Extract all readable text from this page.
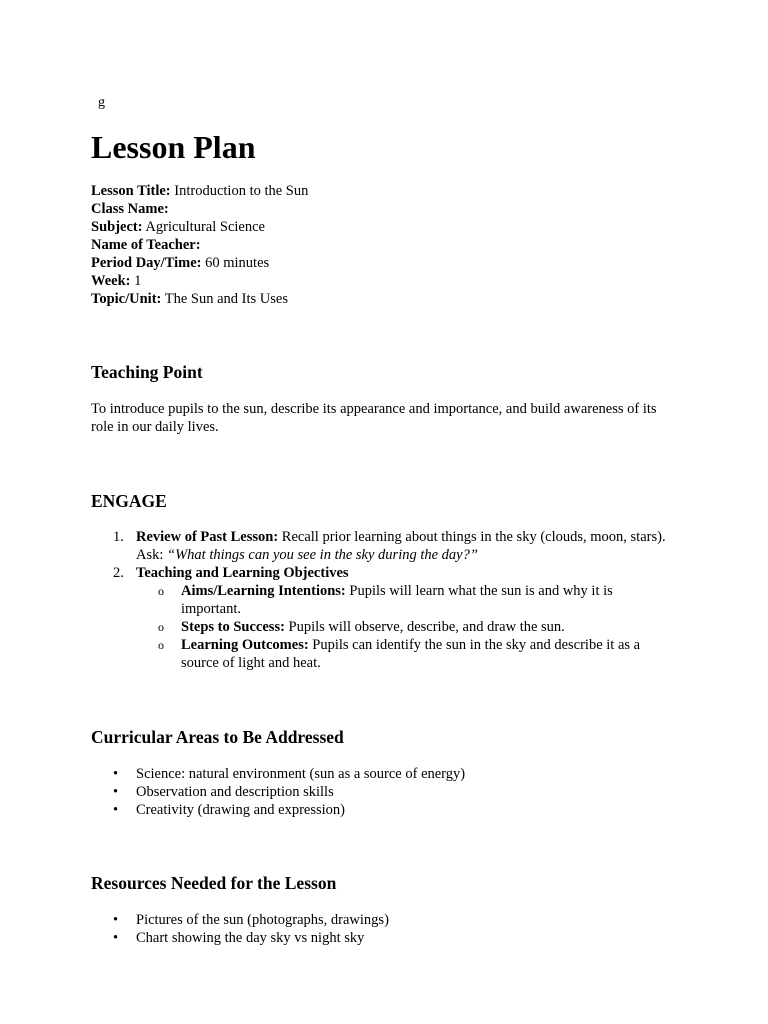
g
Lesson Plan
Lesson Title: Introduction to the Sun
Class Name:
Subject: Agricultural Science
Name of Teacher:
Period Day/Time: 60 minutes
Week: 1
Topic/Unit: The Sun and Its Uses
Teaching Point

To introduce pupils to the sun, describe its appearance and importance, and build awareness of its role in our daily lives.

ENGAGE
1. Review of Past Lesson: Recall prior learning about things in the sky (clouds, moon, stars). Ask: “What things can you see in the sky during the day?”
2. Teaching and Learning Objectives
o Aims/Learning Intentions: Pupils will learn what the sun is and why it is important.
o Steps to Success: Pupils will observe, describe, and draw the sun.
o Learning Outcomes: Pupils can identify the sun in the sky and describe it as a source of light and heat.
Curricular Areas to Be Addressed
• Science: natural environment (sun as a source of energy)
• Observation and description skills
• Creativity (drawing and expression)
Resources Needed for the Lesson
• Pictures of the sun (photographs, drawings)
• Chart showing the day sky vs night sky
